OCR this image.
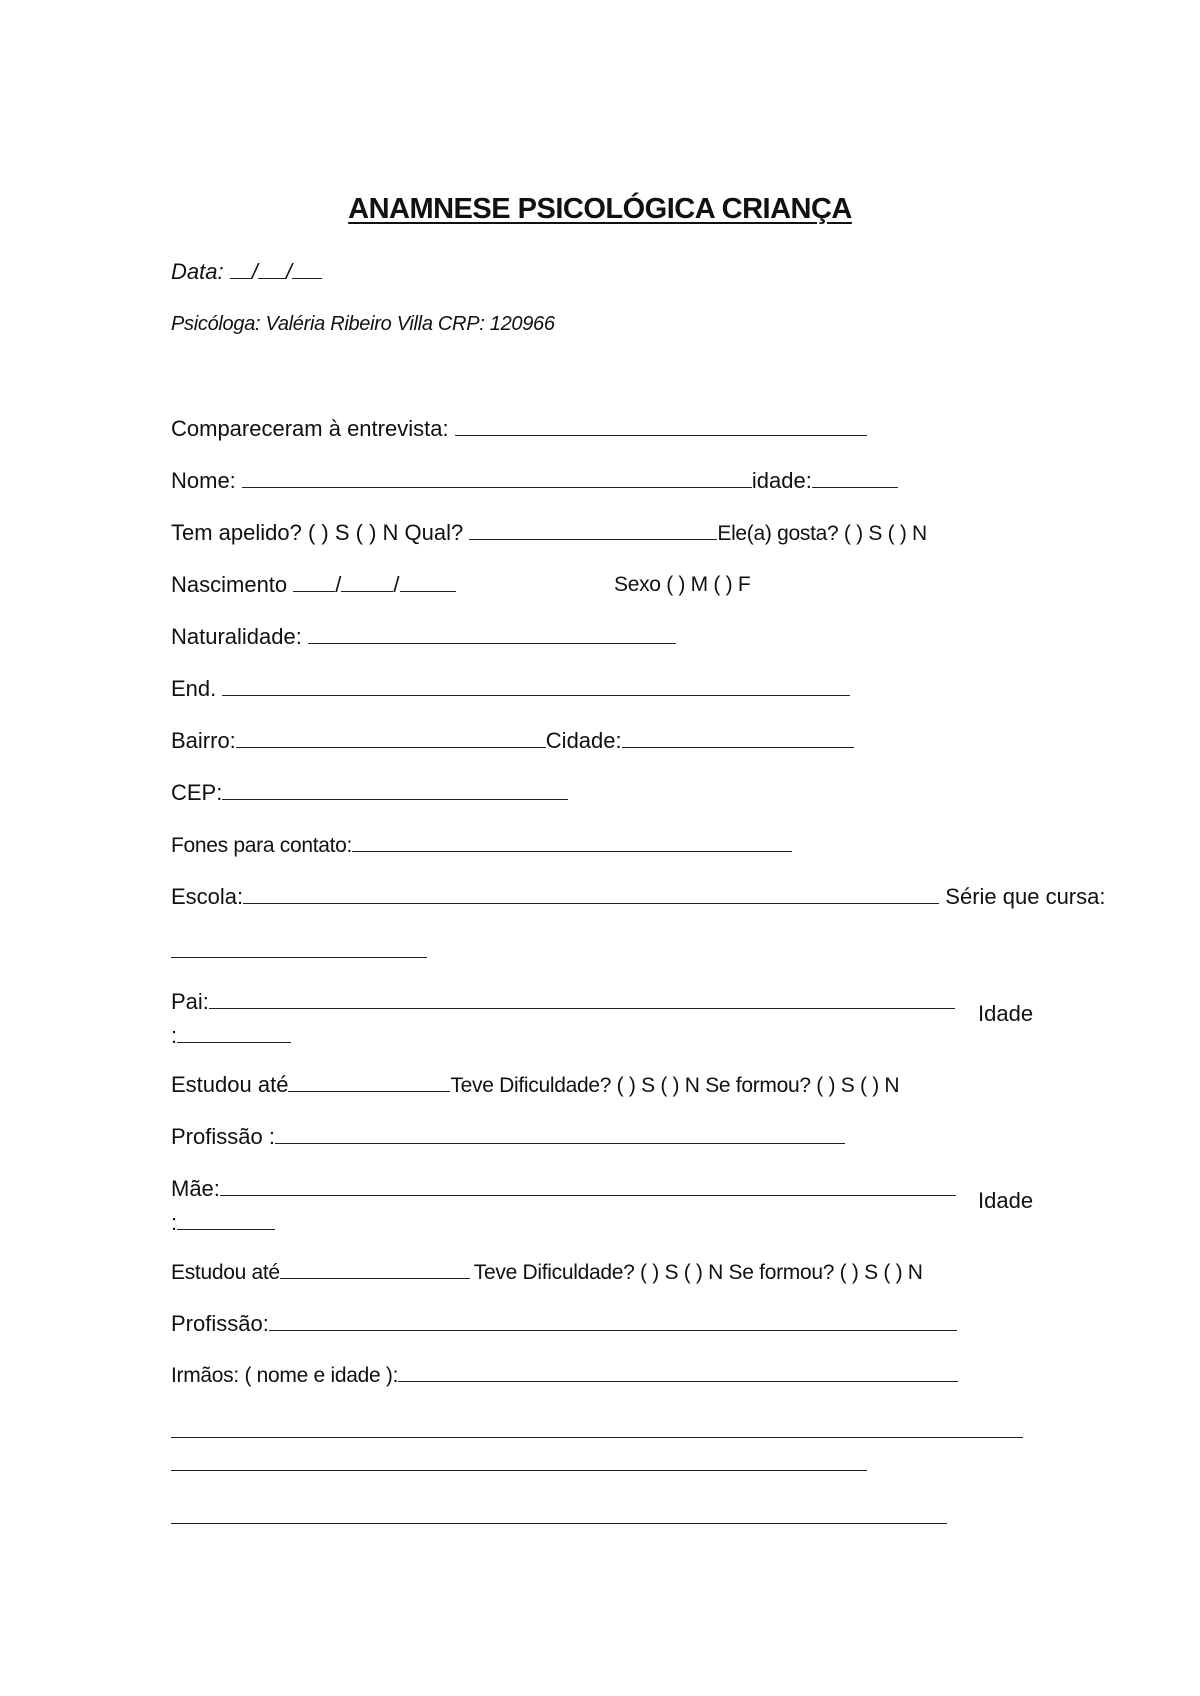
ANAMNESE PSICOLÓGICA CRIANÇA
Data: / /
Psicóloga: Valéria Ribeiro Villa CRP: 120966
Compareceram à entrevista:
Nome:	idade:
Tem apelido? ( ) S ( ) N Qual?	Ele(a) gosta? ( ) S ( ) N
Nascimento / /	Sexo ( ) M ( ) F
Naturalidade:
End.
Bairro:	Cidade:
CEP:
Fones para contato:
Escola:	Série que cursa:
Pai:	Idade
:
Estudou até	Teve Dificuldade? ( ) S ( ) N Se formou? ( ) S ( ) N
Profissão :
Mãe:	Idade
:
Estudou até	Teve Dificuldade? ( ) S ( ) N Se formou? ( ) S ( ) N
Profissão:
Irmãos: ( nome e idade ):
